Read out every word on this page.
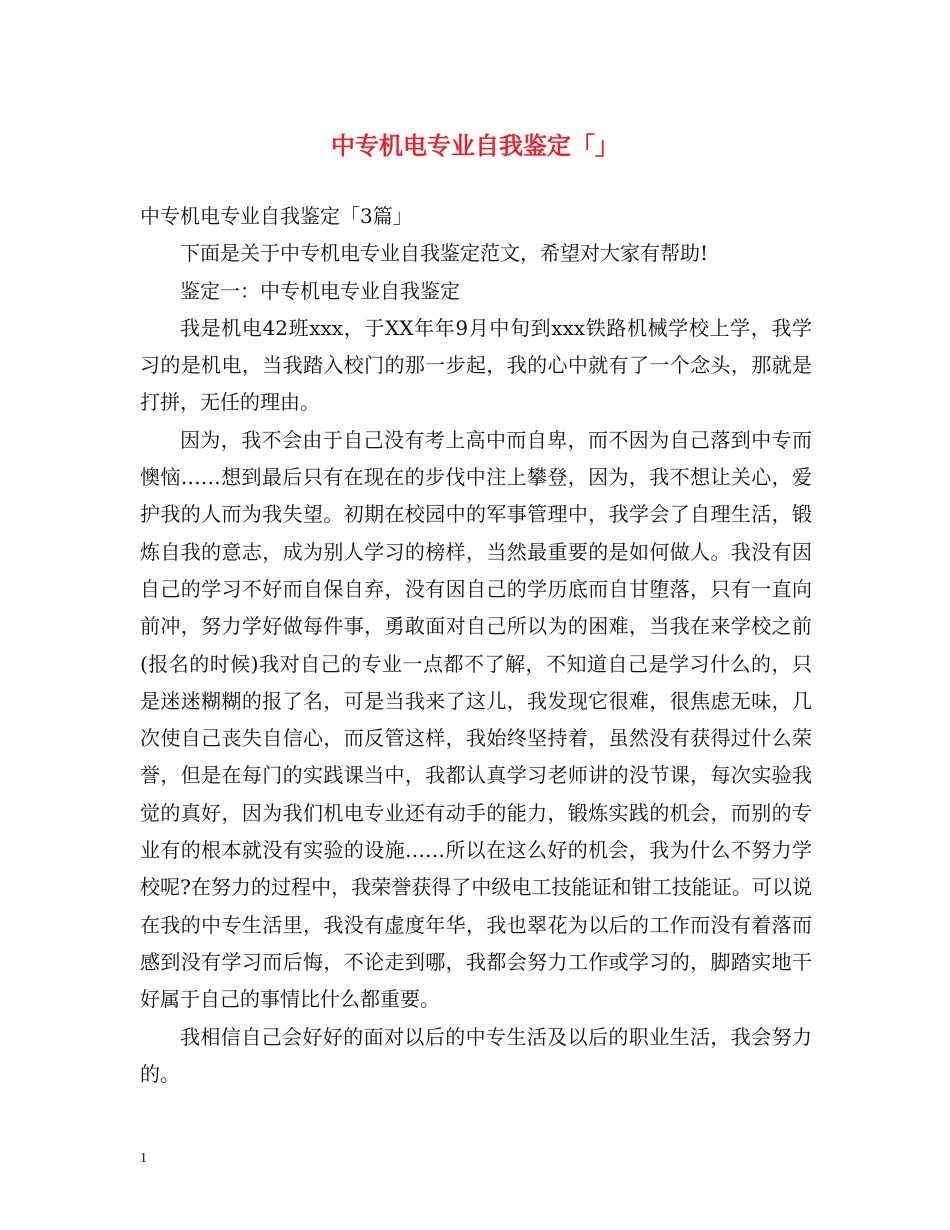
中专机电专业自我鉴定「」

中专机电专业自我鉴定「3篇」

下面是关于中专机电专业自我鉴定范文，希望对大家有帮助!

鉴定一：中专机电专业自我鉴定

我是机电42班xxx，于XX年年9月中旬到xxx铁路机械学校上学，我学习的是机电，当我踏入校门的那一步起，我的心中就有了一个念头，那就是打拼，无任的理由。

因为，我不会由于自己没有考上高中而自卑，而不因为自己落到中专而懊恼……想到最后只有在现在的步伐中注上攀登，因为，我不想让关心，爱护我的人而为我失望。初期在校园中的军事管理中，我学会了自理生活，锻炼自我的意志，成为别人学习的榜样，当然最重要的是如何做人。我没有因自己的学习不好而自保自弃，没有因自己的学历底而自甘堕落，只有一直向前冲，努力学好做每件事，勇敢面对自己所以为的困难，当我在来学校之前(报名的时候)我对自己的专业一点都不了解，不知道自己是学习什么的，只是迷迷糊糊的报了名，可是当我来了这儿，我发现它很难，很焦虑无味，几次使自己丧失自信心，而反管这样，我始终坚持着，虽然没有获得过什么荣誉，但是在每门的实践课当中，我都认真学习老师讲的没节课，每次实验我觉的真好，因为我们机电专业还有动手的能力，锻炼实践的机会，而别的专业有的根本就没有实验的设施……所以在这么好的机会，我为什么不努力学校呢?在努力的过程中，我荣誉获得了中级电工技能证和钳工技能证。可以说在我的中专生活里，我没有虚度年华，我也翠花为以后的工作而没有着落而感到没有学习而后悔，不论走到哪，我都会努力工作或学习的，脚踏实地干好属于自己的事情比什么都重要。

我相信自己会好好的面对以后的中专生活及以后的职业生活，我会努力的。

1
